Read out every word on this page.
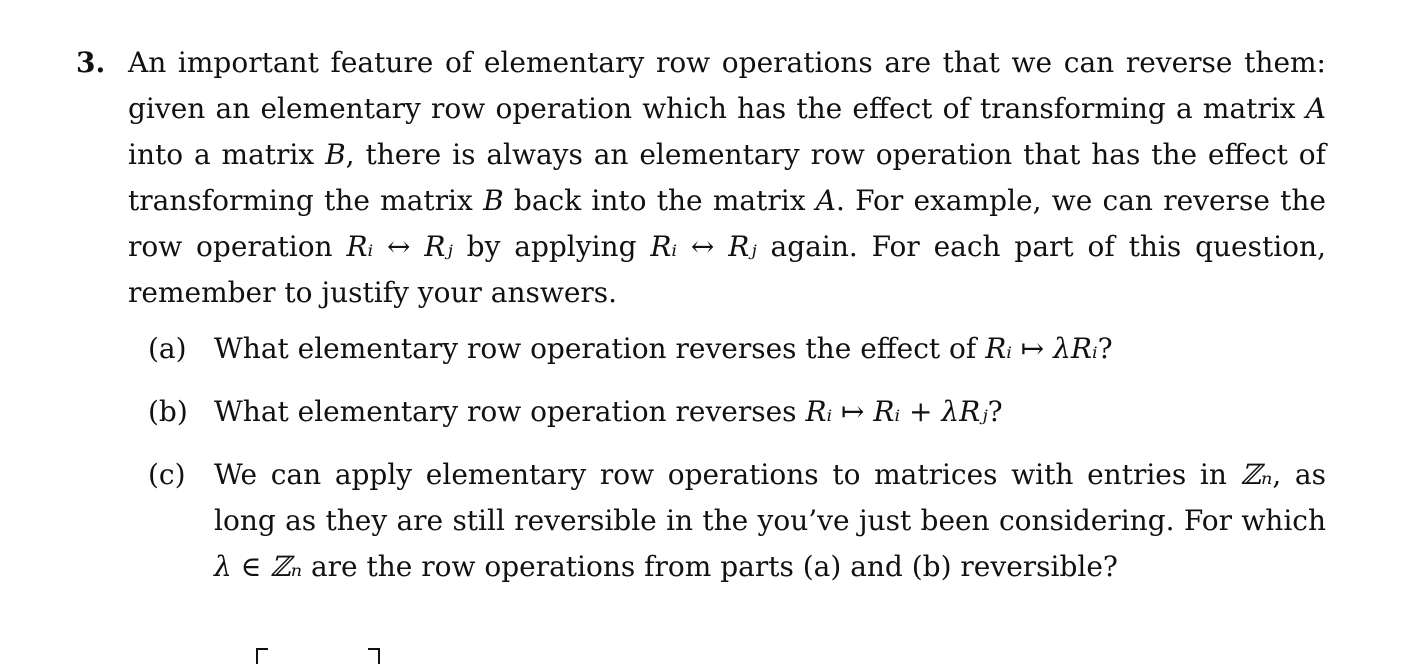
3. An important feature of elementary row operations are that we can reverse them: given an elementary row operation which has the effect of transforming a matrix A into a matrix B, there is always an elementary row operation that has the effect of transforming the matrix B back into the matrix A. For example, we can reverse the row operation Rᵢ ↔ Rⱼ by applying Rᵢ ↔ Rⱼ again. For each part of this question, remember to justify your answers.
(a) What elementary row operation reverses the effect of Rᵢ ↦ λRᵢ?
(b) What elementary row operation reverses Rᵢ ↦ Rᵢ + λRⱼ?
(c) We can apply elementary row operations to matrices with entries in ℤₙ, as long as they are still reversible in the you’ve just been considering. For which λ ∈ ℤₙ are the row operations from parts (a) and (b) reversible?
